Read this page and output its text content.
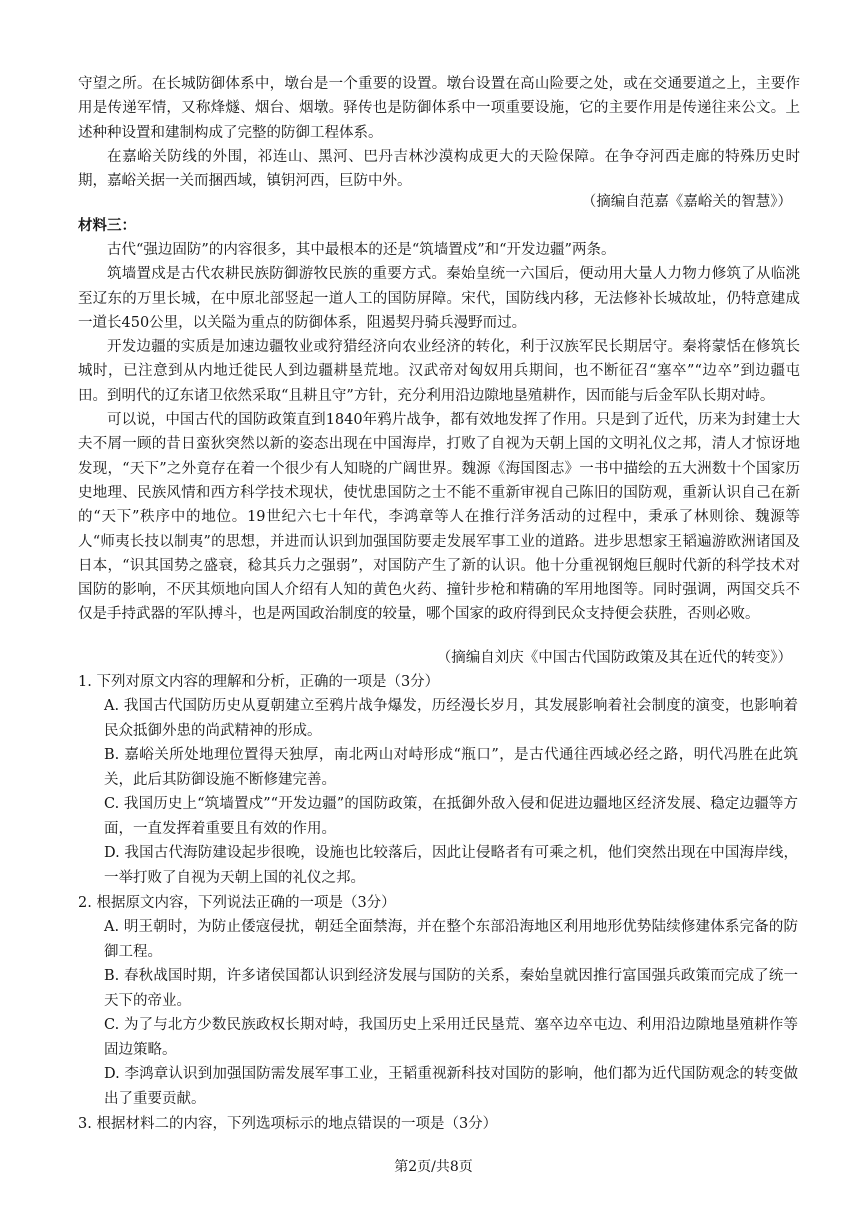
守望之所。在长城防御体系中，墩台是一个重要的设置。墩台设置在高山险要之处，或在交通要道之上，主要作用是传递军情，又称烽燧、烟台、烟墩。驿传也是防御体系中一项重要设施，它的主要作用是传递往来公文。上述种种设置和建制构成了完整的防御工程体系。

在嘉峪关防线的外围，祁连山、黑河、巴丹吉林沙漠构成更大的天险保障。在争夺河西走廊的特殊历史时期，嘉峪关据一关而捆西域，镇钥河西，巨防中外。

（摘编自范嘉《嘉峪关的智慧》）
材料三：

古代“强边固防”的内容很多，其中最根本的还是“筑墙置戍”和“开发边疆”两条。

筑墙置戍是古代农耕民族防御游牧民族的重要方式。秦始皇统一六国后，便动用大量人力物力修筑了从临洮至辽东的万里长城，在中原北部竖起一道人工的国防屏障。宋代，国防线内移，无法修补长城故址，仍特意建成一道长450公里，以关隘为重点的防御体系，阻遏契丹骑兵漫野而过。

开发边疆的实质是加速边疆牧业或狩猎经济向农业经济的转化，利于汉族军民长期居守。秦将蒙恬在修筑长城时，已注意到从内地迁徙民人到边疆耕垦荒地。汉武帝对匈奴用兵期间，也不断征召“塞卒”“边卒”到边疆屯田。到明代的辽东诸卫依然采取“且耕且守”方针，充分利用沿边隙地垦殖耕作，因而能与后金军队长期对峙。

可以说，中国古代的国防政策直到1840年鸦片战争，都有效地发挥了作用。只是到了近代，历来为封建士大夫不屑一顾的昔日蛮狄突然以新的姿态出现在中国海岸，打败了自视为天朝上国的文明礼仪之邦，清人才惊讶地发现，“天下”之外竟存在着一个很少有人知晓的广阔世界。魏源《海国图志》一书中描绘的五大洲数十个国家历史地理、民族风情和西方科学技术现状，使忧患国防之士不能不重新审视自己陈旧的国防观，重新认识自己在新的“天下”秩序中的地位。19世纪六七十年代，李鸿章等人在推行洋务活动的过程中，秉承了林则徐、魏源等人“师夷长技以制夷”的思想，并进而认识到加强国防要走发展军事工业的道路。进步思想家王韬遍游欧洲诸国及日本，“识其国势之盛衰，稔其兵力之强弱”，对国防产生了新的认识。他十分重视钢炮巨舰时代新的科学技术对国防的影响，不厌其烦地向国人介绍有人知的黄色火药、撞针步枪和精确的军用地图等。同时强调，两国交兵不仅是手持武器的军队搏斗，也是两国政治制度的较量，哪个国家的政府得到民众支持便会获胜，否则必败。

（摘编自刘庆《中国古代国防政策及其在近代的转变》）
1. 下列对原文内容的理解和分析，正确的一项是（3分）
A. 我国古代国防历史从夏朝建立至鸦片战争爆发，历经漫长岁月，其发展影响着社会制度的演变，也影响着民众抵御外患的尚武精神的形成。
B. 嘉峪关所处地理位置得天独厚，南北两山对峙形成“瓶口”，是古代通往西域必经之路，明代冯胜在此筑关，此后其防御设施不断修建完善。
C. 我国历史上“筑墙置戍”“开发边疆”的国防政策，在抵御外敌入侵和促进边疆地区经济发展、稳定边疆等方面，一直发挥着重要且有效的作用。
D. 我国古代海防建设起步很晚，设施也比较落后，因此让侵略者有可乘之机，他们突然出现在中国海岸线，一举打败了自视为天朝上国的礼仪之邦。
2. 根据原文内容，下列说法正确的一项是（3分）
A. 明王朝时，为防止倭寇侵扰，朝廷全面禁海，并在整个东部沿海地区利用地形优势陆续修建体系完备的防御工程。
B. 春秋战国时期，许多诸侯国都认识到经济发展与国防的关系，秦始皇就因推行富国强兵政策而完成了统一天下的帝业。
C. 为了与北方少数民族政权长期对峙，我国历史上采用迁民垦荒、塞卒边卒屯边、利用沿边隙地垦殖耕作等固边策略。
D. 李鸿章认识到加强国防需发展军事工业，王韬重视新科技对国防的影响，他们都为近代国防观念的转变做出了重要贡献。
3. 根据材料二的内容，下列选项标示的地点错误的一项是（3分）
第2页/共8页
